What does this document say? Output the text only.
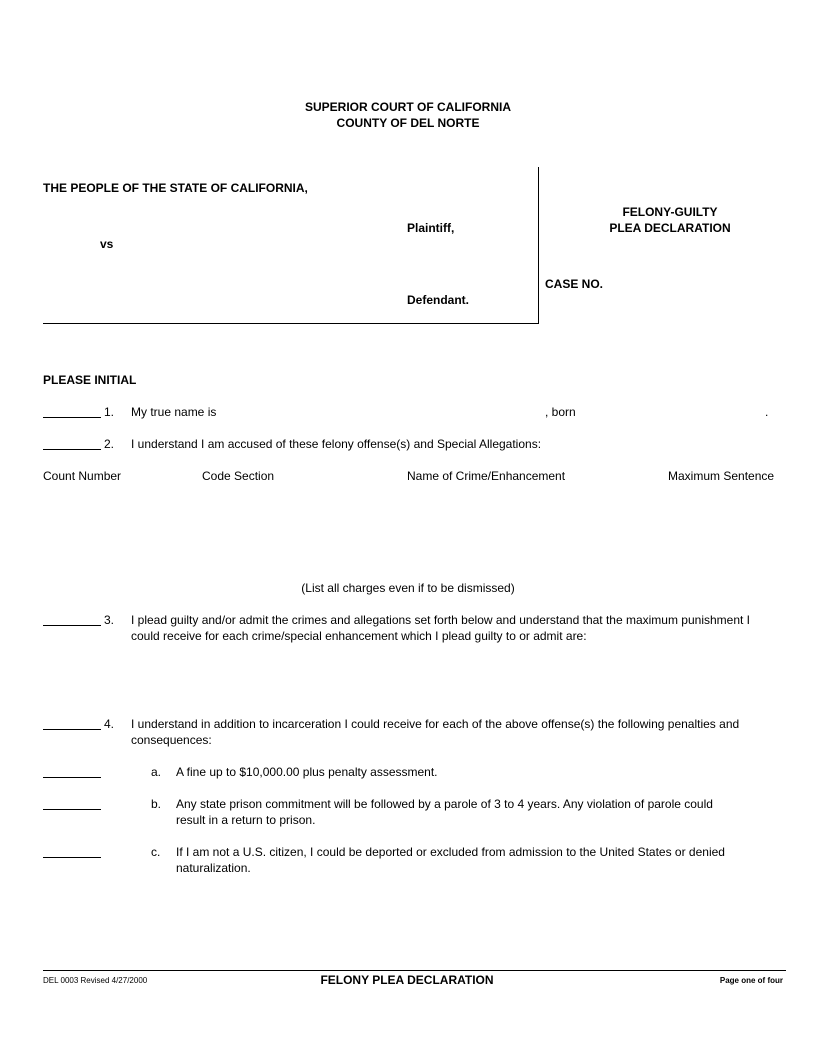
SUPERIOR COURT OF CALIFORNIA
COUNTY OF DEL NORTE
THE PEOPLE OF THE STATE OF CALIFORNIA,
Plaintiff,
vs
Defendant.
FELONY-GUILTY
PLEA DECLARATION
CASE NO.
PLEASE INITIAL
1. My true name is	, born	.
2. I understand I am accused of these felony offense(s) and Special Allegations:
Count Number	Code Section	Name of Crime/Enhancement	Maximum Sentence
(List all charges even if to be dismissed)
3. I plead guilty and/or admit the crimes and allegations set forth below and understand that the maximum punishment I could receive for each crime/special enhancement which I plead guilty to or admit are:
4. I understand in addition to incarceration I could receive for each of the above offense(s) the following penalties and consequences:
a. A fine up to $10,000.00 plus penalty assessment.
b. Any state prison commitment will be followed by a parole of 3 to 4 years. Any violation of parole could result in a return to prison.
c. If I am not a U.S. citizen, I could be deported or excluded from admission to the United States or denied naturalization.
DEL 0003 Revised 4/27/2000	FELONY PLEA DECLARATION	Page one of four
